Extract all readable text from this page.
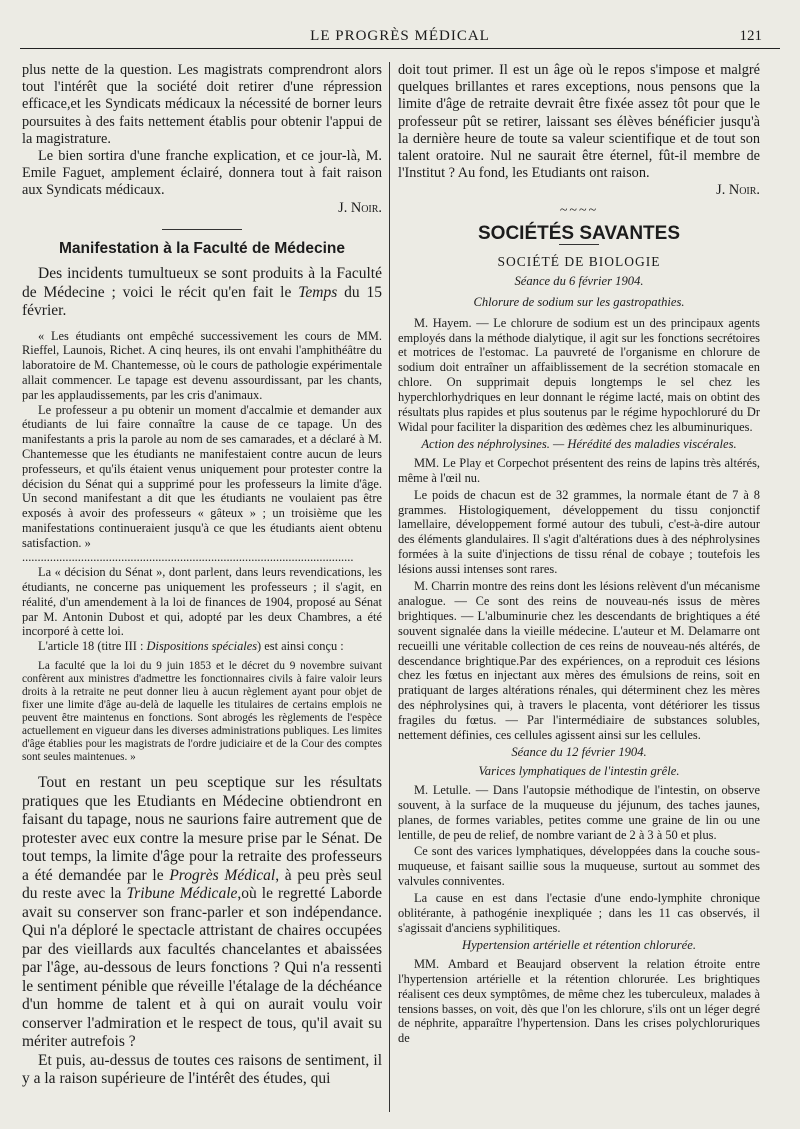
LE PROGRÈS MÉDICAL	121

plus nette de la question. Les magistrats comprendront alors tout l'intérêt que la société doit retirer d'une répression efficace,et les Syndicats médicaux la nécessité de borner leurs poursuites à des faits nettement établis pour obtenir l'appui de la magistrature.

Le bien sortira d'une franche explication, et ce jour-là, M. Emile Faguet, amplement éclairé, donnera tout à fait raison aux Syndicats médicaux.

J. Noir.

Manifestation à la Faculté de Médecine

Des incidents tumultueux se sont produits à la Faculté de Médecine ; voici le récit qu'en fait le Temps du 15 février.

« Les étudiants ont empêché successivement les cours de MM. Rieffel, Launois, Richet. A cinq heures, ils ont envahi l'amphithéâtre du laboratoire de M. Chantemesse, où le cours de pathologie expérimentale allait commencer. Le tapage est devenu assourdissant, par les chants, par les applaudissements, par les cris d'animaux.

Le professeur a pu obtenir un moment d'accalmie et demander aux étudiants de lui faire connaître la cause de ce tapage. Un des manifestants a pris la parole au nom de ses camarades, et a déclaré à M. Chantemesse que les étudiants ne manifestaient contre aucun de leurs professeurs, et qu'ils étaient venus uniquement pour protester contre la décision du Sénat qui a supprimé pour les professeurs la limite d'âge. Un second manifestant a dit que les étudiants ne voulaient pas être exposés à avoir des professeurs « gâteux » ; un troisième que les manifestations continueraient jusqu'à ce que les étudiants aient obtenu satisfaction. »

...........................................................................................................

La « décision du Sénat », dont parlent, dans leurs revendications, les étudiants, ne concerne pas uniquement les professeurs ; il s'agit, en réalité, d'un amendement à la loi de finances de 1904, proposé au Sénat par M. Antonin Dubost et qui, adopté par les deux Chambres, a été incorporé à cette loi.

L'article 18 (titre III : Dispositions spéciales) est ainsi conçu :

La faculté que la loi du 9 juin 1853 et le décret du 9 novembre suivant confèrent aux ministres d'admettre les fonctionnaires civils à faire valoir leurs droits à la retraite ne peut donner lieu à aucun règlement ayant pour objet de fixer une limite d'âge au-delà de laquelle les titulaires de certains emplois ne peuvent être maintenus en fonctions. Sont abrogés les règlements de l'espèce actuellement en vigueur dans les diverses administrations publiques. Les limites d'âge établies pour les magistrats de l'ordre judiciaire et de la Cour des comptes sont seules maintenues. »

Tout en restant un peu sceptique sur les résultats pratiques que les Etudiants en Médecine obtiendront en faisant du tapage, nous ne saurions faire autrement que de protester avec eux contre la mesure prise par le Sénat. De tout temps, la limite d'âge pour la retraite des professeurs a été demandée par le Progrès Médical, à peu près seul du reste avec la Tribune Médicale,où le regretté Laborde avait su conserver son franc-parler et son indépendance. Qui n'a déploré le spectacle attristant de chaires occupées par des vieillards aux facultés chancelantes et abaissées par l'âge, au-dessous de leurs fonctions ? Qui n'a ressenti le sentiment pénible que réveille l'étalage de la déchéance d'un homme de talent et à qui on aurait voulu voir conserver l'admiration et le respect de tous, qu'il avait su mériter autrefois ?

Et puis, au-dessus de toutes ces raisons de sentiment, il y a la raison supérieure de l'intérêt des études, qui

doit tout primer. Il est un âge où le repos s'impose et malgré quelques brillantes et rares exceptions, nous pensons que la limite d'âge de retraite devrait être fixée assez tôt pour que le professeur pût se retirer, laissant ses élèves bénéficier jusqu'à la dernière heure de toute sa valeur scientifique et de tout son talent oratoire. Nul ne saurait être éternel, fût-il membre de l'Institut ? Au fond, les Etudiants ont raison.

J. Noir.

~~~~
SOCIÉTÉS SAVANTES
SOCIÉTÉ DE BIOLOGIE
Séance du 6 février 1904.
Chlorure de sodium sur les gastropathies.

M. Hayem. — Le chlorure de sodium est un des principaux agents employés dans la méthode dialytique, il agit sur les fonctions secrétoires et motrices de l'estomac. La pauvreté de l'organisme en chlorure de sodium doit entraîner un affaiblissement de la secrétion stomacale en chlore. On supprimait depuis longtemps le sel chez les hyperchlorhydriques en leur donnant le régime lacté, mais on obtint des résultats plus rapides et plus soutenus par le régime hypochloruré du Dr Widal pour faciliter la disparition des œdèmes chez les albuminuriques.

Action des néphrolysines. — Hérédité des maladies viscérales.

MM. Le Play et Corpechot présentent des reins de lapins très altérés, même à l'œil nu.

Le poids de chacun est de 32 grammes, la normale étant de 7 à 8 grammes. Histologiquement, développement du tissu conjonctif lamellaire, développement formé autour des tubuli, c'est-à-dire autour des éléments glandulaires. Il s'agit d'altérations dues à des néphrolysines formées à la suite d'injections de tissu rénal de cobaye ; toutefois les lésions aussi intenses sont rares.

M. Charrin montre des reins dont les lésions relèvent d'un mécanisme analogue. — Ce sont des reins de nouveau-nés issus de mères brightiques. — L'albuminurie chez les descendants de brightiques a été souvent signalée dans la vieille médecine. L'auteur et M. Delamarre ont recueilli une véritable collection de ces reins de nouveau-nés altérés, de descendance brightique.Par des expériences, on a reproduit ces lésions chez les fœtus en injectant aux mères des émulsions de reins, soit en pratiquant de larges altérations rénales, qui déterminent chez les mères des néphrolysines qui, à travers le placenta, vont détériorer les tissus fragiles du fœtus. — Par l'intermédiaire de substances solubles, nettement définies, ces cellules agissent ainsi sur les cellules.

Séance du 12 février 1904.
Varices lymphatiques de l'intestin grêle.

M. Letulle. — Dans l'autopsie méthodique de l'intestin, on observe souvent, à la surface de la muqueuse du jéjunum, des taches jaunes, planes, de formes variables, petites comme une graine de lin ou une lentille, de peu de relief, de nombre variant de 2 à 3 à 50 et plus.

Ce sont des varices lymphatiques, développées dans la couche sous-muqueuse, et faisant saillie sous la muqueuse, surtout au sommet des valvules conniventes.

La cause en est dans l'ectasie d'une endo-lymphite chronique oblitérante, à pathogénie inexpliquée ; dans les 11 cas observés, il s'agissait d'anciens syphilitiques.

Hypertension artérielle et rétention chlorurée.

MM. Ambard et Beaujard observent la relation étroite entre l'hypertension artérielle et la rétention chlorurée. Les brightiques réalisent ces deux symptômes, de même chez les tuberculeux, malades à tensions basses, on voit, dès que l'on les chlorure, s'ils ont un léger degré de néphrite, apparaître l'hypertension. Dans les crises polychloruriques de
